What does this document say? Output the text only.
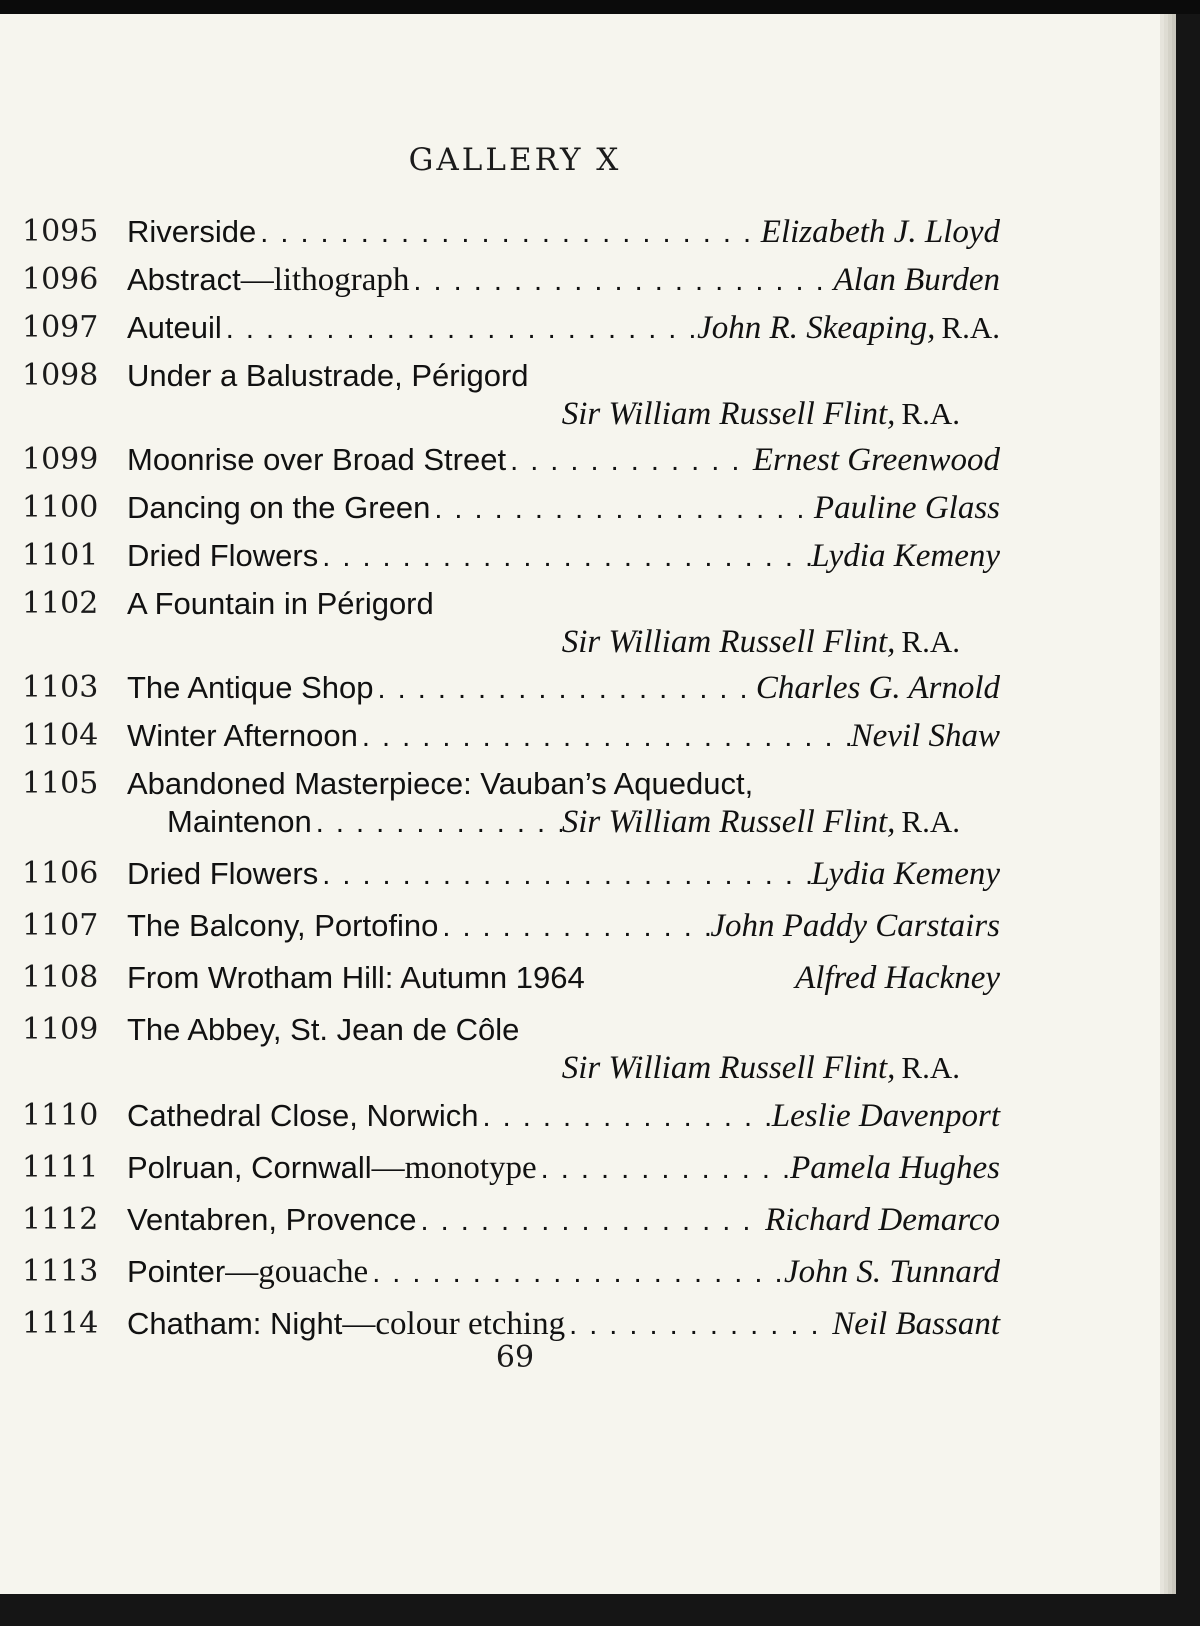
GALLERY X
1095 Riverside . . .	Elizabeth J. Lloyd
1096 Abstract —lithograph . . .	Alan Burden
1097 Auteuil . . .	John R. Skeaping, R.A.
1098 Under a Balustrade, Périgord
Sir William Russell Flint, R.A.
1099 Moonrise over Broad Street . . .	Ernest Greenwood
1100 Dancing on the Green . . .	Pauline Glass
1101 Dried Flowers . . .	Lydia Kemeny
1102 A Fountain in Périgord
Sir William Russell Flint, R.A.
1103 The Antique Shop . . .	Charles G. Arnold
1104 Winter Afternoon . . .	Nevil Shaw
1105 Abandoned Masterpiece: Vauban’s Aqueduct,
Maintenon . . .	Sir William Russell Flint, R.A.
1106 Dried Flowers . . .	Lydia Kemeny
1107 The Balcony, Portofino . . .	John Paddy Carstairs
1108 From Wrotham Hill: Autumn 1964	Alfred Hackney
1109 The Abbey, St. Jean de Côle
Sir William Russell Flint, R.A.
1110 Cathedral Close, Norwich . . .	Leslie Davenport
1111 Polruan, Cornwall —monotype . . .	Pamela Hughes
1112 Ventabren, Provence . . .	Richard Demarco
1113 Pointer —gouache . . .	John S. Tunnard
1114 Chatham: Night —colour etching . . .	Neil Bassant
69
